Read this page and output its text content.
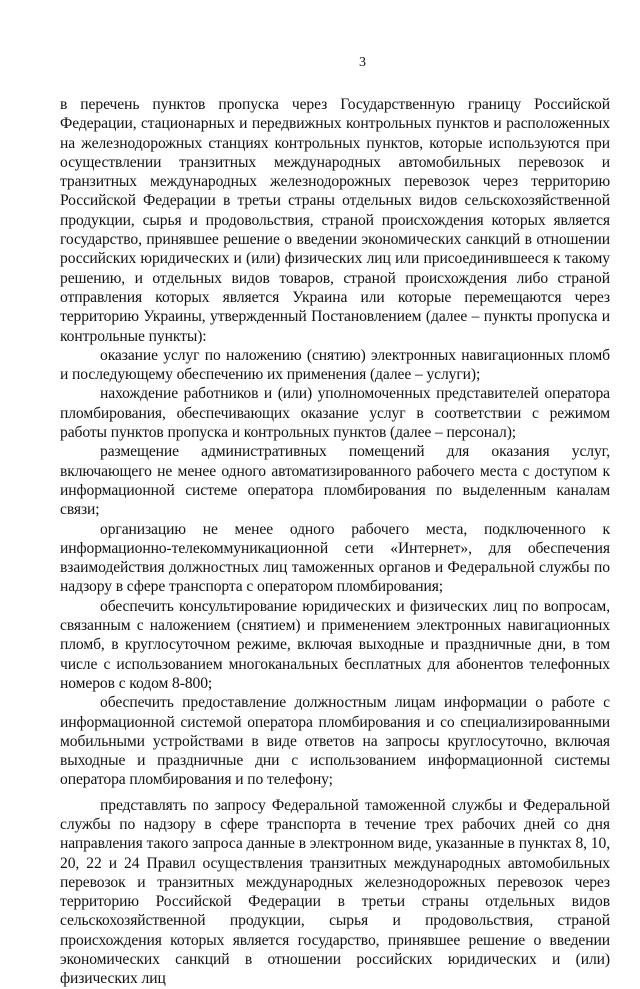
3

в перечень пунктов пропуска через Государственную границу Российской Федерации, стационарных и передвижных контрольных пунктов и расположенных на железнодорожных станциях контрольных пунктов, которые используются при осуществлении транзитных международных автомобильных перевозок и транзитных международных железнодорожных перевозок через территорию Российской Федерации в третьи страны отдельных видов сельскохозяйственной продукции, сырья и продовольствия, страной происхождения которых является государство, принявшее решение о введении экономических санкций в отношении российских юридических и (или) физических лиц или присоединившееся к такому решению, и отдельных видов товаров, страной происхождения либо страной отправления которых является Украина или которые перемещаются через территорию Украины, утвержденный Постановлением (далее – пункты пропуска и контрольные пункты):

оказание услуг по наложению (снятию) электронных навигационных пломб и последующему обеспечению их применения (далее – услуги);

нахождение работников и (или) уполномоченных представителей оператора пломбирования, обеспечивающих оказание услуг в соответствии с режимом работы пунктов пропуска и контрольных пунктов (далее – персонал);

размещение административных помещений для оказания услуг, включающего не менее одного автоматизированного рабочего места с доступом к информационной системе оператора пломбирования по выделенным каналам связи;

организацию не менее одного рабочего места, подключенного к информационно-телекоммуникационной сети «Интернет», для обеспечения взаимодействия должностных лиц таможенных органов и Федеральной службы по надзору в сфере транспорта с оператором пломбирования;

обеспечить консультирование юридических и физических лиц по вопросам, связанным с наложением (снятием) и применением электронных навигационных пломб, в круглосуточном режиме, включая выходные и праздничные дни, в том числе с использованием многоканальных бесплатных для абонентов телефонных номеров с кодом 8-800;

обеспечить предоставление должностным лицам информации о работе с информационной системой оператора пломбирования и со специализированными мобильными устройствами в виде ответов на запросы круглосуточно, включая выходные и праздничные дни с использованием информационной системы оператора пломбирования и по телефону;

представлять по запросу Федеральной таможенной службы и Федеральной службы по надзору в сфере транспорта в течение трех рабочих дней со дня направления такого запроса данные в электронном виде, указанные в пунктах 8, 10, 20, 22 и 24 Правил осуществления транзитных международных автомобильных перевозок и транзитных международных железнодорожных перевозок через территорию Российской Федерации в третьи страны отдельных видов сельскохозяйственной продукции, сырья и продовольствия, страной происхождения которых является государство, принявшее решение о введении экономических санкций в отношении российских юридических и (или) физических лиц
